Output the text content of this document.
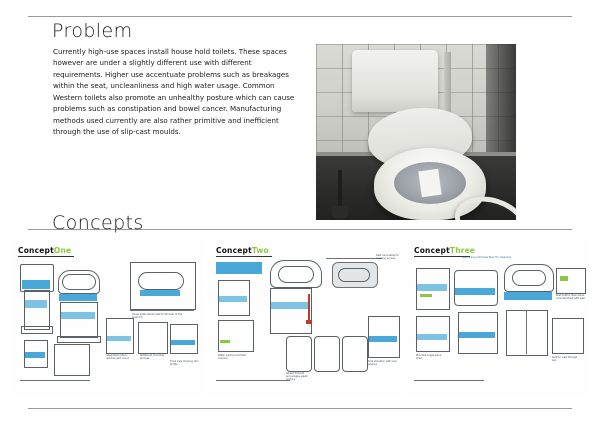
Problem
Currently high-use spaces install house hold toilets. These spaces however are under a slightly different use with different requirements. Higher use accentuate problems such as breakages within the seat, uncleanliness and high water usage. Common Western toilets also promote an unhealthy posture which can cause problems such as constipation and bowel cancer. Manufacturing methods used currently are also rather primitive and inefficient through the use of slip-cast moulds.
Concepts
ConceptOne
Hinge detail allows seat to lift clear of the bowl rim
Integrated cistern reduces part count
Rotational moulding process
Front view showing slim profile
ConceptTwo
Seat removable for cleaning access
Raised footrest encourages squat posture
Water saving dual flush channel
Side elevation with user posture
ConceptThree
Wall hung unit frees floor for cleaning
Push button flush panel mounted flush with wall
Moulded single piece shell	Section view through pan
